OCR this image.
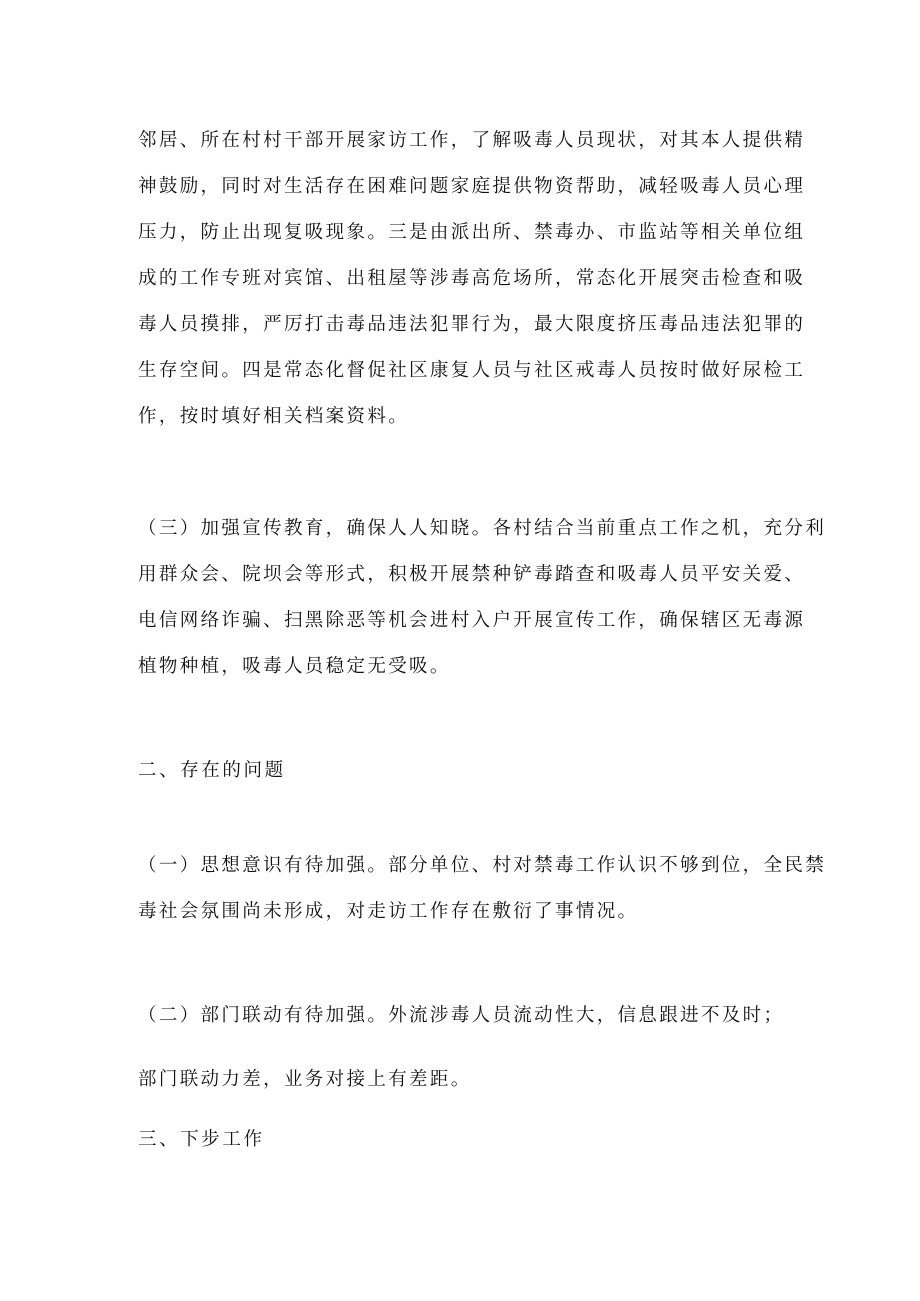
邻居、所在村村干部开展家访工作，了解吸毒人员现状，对其本人提供精
神鼓励，同时对生活存在困难问题家庭提供物资帮助，减轻吸毒人员心理
压力，防止出现复吸现象。三是由派出所、禁毒办、市监站等相关单位组
成的工作专班对宾馆、出租屋等涉毒高危场所，常态化开展突击检查和吸
毒人员摸排，严厉打击毒品违法犯罪行为，最大限度挤压毒品违法犯罪的
生存空间。四是常态化督促社区康复人员与社区戒毒人员按时做好尿检工
作，按时填好相关档案资料。
（三）加强宣传教育，确保人人知晓。各村结合当前重点工作之机，充分利
用群众会、院坝会等形式，积极开展禁种铲毒踏查和吸毒人员平安关爱、
电信网络诈骗、扫黑除恶等机会进村入户开展宣传工作，确保辖区无毒源
植物种植，吸毒人员稳定无受吸。
二、存在的问题
（一）思想意识有待加强。部分单位、村对禁毒工作认识不够到位，全民禁
毒社会氛围尚未形成，对走访工作存在敷衍了事情况。
（二）部门联动有待加强。外流涉毒人员流动性大，信息跟进不及时；
部门联动力差，业务对接上有差距。
三、下步工作
